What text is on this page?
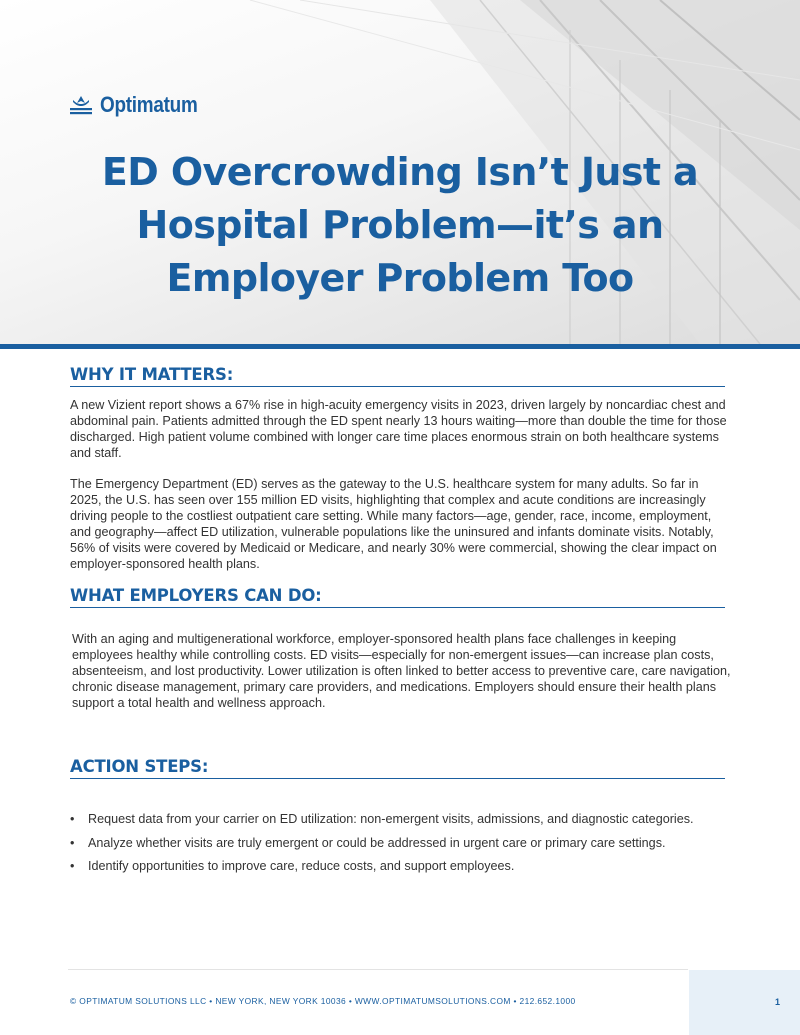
Optimatum
ED Overcrowding Isn’t Just a
Hospital Problem—it’s an
Employer Problem Too
WHY IT MATTERS:

A new Vizient report shows a 67% rise in high-acuity emergency visits in 2023, driven largely by noncardiac chest and abdominal pain. Patients admitted through the ED spent nearly 13 hours waiting—more than double the time for those discharged. High patient volume combined with longer care time places enormous strain on both healthcare systems and staff.

The Emergency Department (ED) serves as the gateway to the U.S. healthcare system for many adults. So far in 2025, the U.S. has seen over 155 million ED visits, highlighting that complex and acute conditions are increasingly driving people to the costliest outpatient care setting. While many factors—age, gender, race, income, employment, and geography—affect ED utilization, vulnerable populations like the uninsured and infants dominate visits. Notably, 56% of visits were covered by Medicaid or Medicare, and nearly 30% were commercial, showing the clear impact on employer-sponsored health plans.

WHAT EMPLOYERS CAN DO:

With an aging and multigenerational workforce, employer-sponsored health plans face challenges in keeping employees healthy while controlling costs. ED visits—especially for non-emergent issues—can increase plan costs, absenteeism, and lost productivity. Lower utilization is often linked to better access to preventive care, care navigation, chronic disease management, primary care providers, and medications. Employers should ensure their health plans support a total health and wellness approach.

ACTION STEPS:
• Request data from your carrier on ED utilization: non-emergent visits, admissions, and diagnostic categories.
• Analyze whether visits are truly emergent or could be addressed in urgent care or primary care settings.
• Identify opportunities to improve care, reduce costs, and support employees.
© OPTIMATUM SOLUTIONS LLC • NEW YORK, NEW YORK 10036 • WWW.OPTIMATUMSOLUTIONS.COM • 212.652.1000	1
